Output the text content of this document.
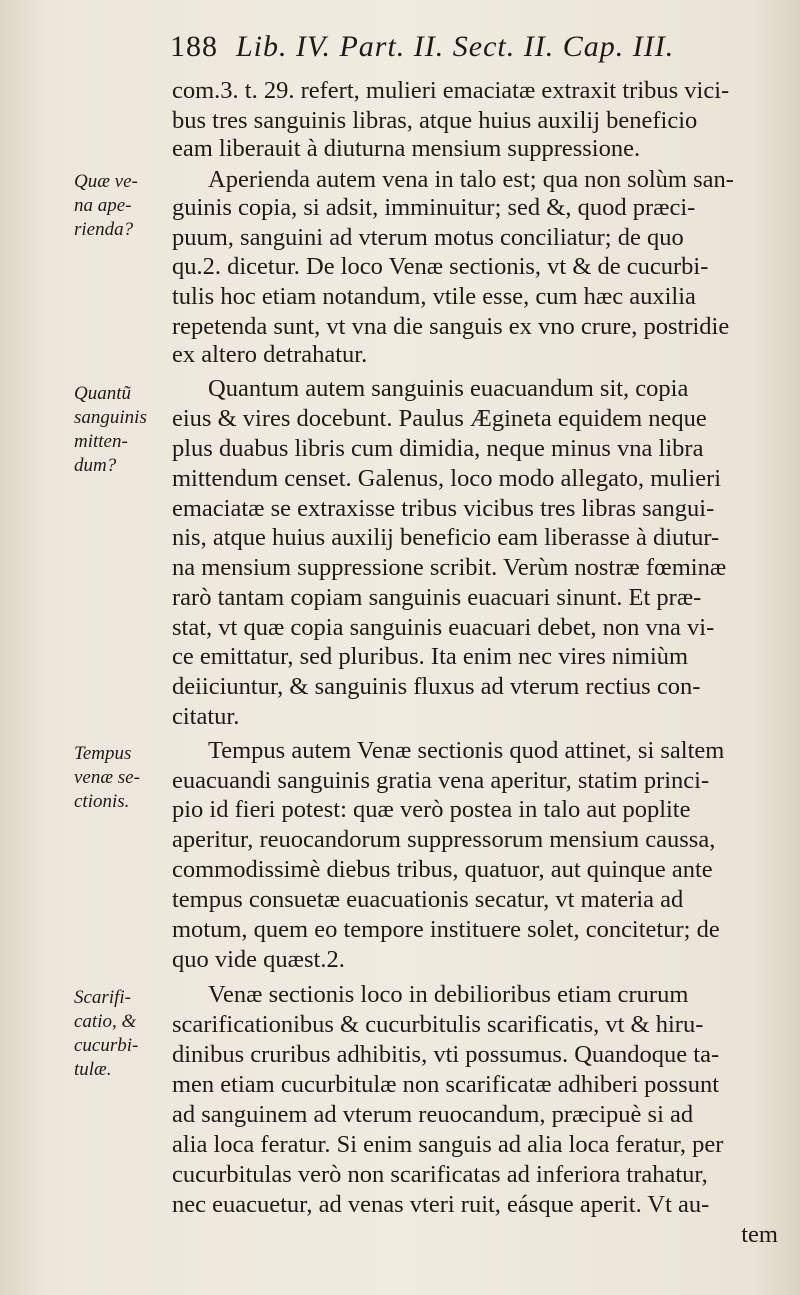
188 Lib. IV. Part. II. Sect. II. Cap. III.
com.3. t. 29. refert, mulieri emaciatæ extraxit tribus vici-
bus tres sanguinis libras, atque huius auxilij beneficio
eam liberauit à diuturna mensium suppressione.
Aperienda autem vena in talo est; qua non solùm san-
guinis copia, si adsit, imminuitur; sed &, quod præci-
puum, sanguini ad vterum motus conciliatur; de quo
qu.2. dicetur. De loco Venæ sectionis, vt & de cucurbi-
tulis hoc etiam notandum, vtile esse, cum hæc auxilia
repetenda sunt, vt vna die sanguis ex vno crure, postridie
ex altero detrahatur.
Quantum autem sanguinis euacuandum sit, copia
eius & vires docebunt. Paulus Ægineta equidem neque
plus duabus libris cum dimidia, neque minus vna libra
mittendum censet. Galenus, loco modo allegato, mulieri
emaciatæ se extraxisse tribus vicibus tres libras sangui-
nis, atque huius auxilij beneficio eam liberasse à diutur-
na mensium suppressione scribit. Verùm nostræ fœminæ
rarò tantam copiam sanguinis euacuari sinunt. Et præ-
stat, vt quæ copia sanguinis euacuari debet, non vna vi-
ce emittatur, sed pluribus. Ita enim nec vires nimiùm
deiiciuntur, & sanguinis fluxus ad vterum rectius con-
citatur.
Tempus autem Venæ sectionis quod attinet, si saltem
euacuandi sanguinis gratia vena aperitur, statim princi-
pio id fieri potest: quæ verò postea in talo aut poplite
aperitur, reuocandorum suppressorum mensium caussa,
commodissimè diebus tribus, quatuor, aut quinque ante
tempus consuetæ euacuationis secatur, vt materia ad
motum, quem eo tempore instituere solet, concitetur; de
quo vide quæst.2.
Venæ sectionis loco in debilioribus etiam crurum
scarificationibus & cucurbitulis scarificatis, vt & hiru-
dinibus cruribus adhibitis, vti possumus. Quandoque ta-
men etiam cucurbitulæ non scarificatæ adhiberi possunt
ad sanguinem ad vterum reuocandum, præcipuè si ad
alia loca feratur. Si enim sanguis ad alia loca feratur, per
cucurbitulas verò non scarificatas ad inferiora trahatur,
nec euacuetur, ad venas vteri ruit, eásque aperit. Vt au-
tem
Quæ ve-
na ape-
rienda?
Quantũ
sanguinis
mitten-
dum?
Tempus
venæ se-
ctionis.
Scarifi-
catio, &
cucurbi-
tulæ.
